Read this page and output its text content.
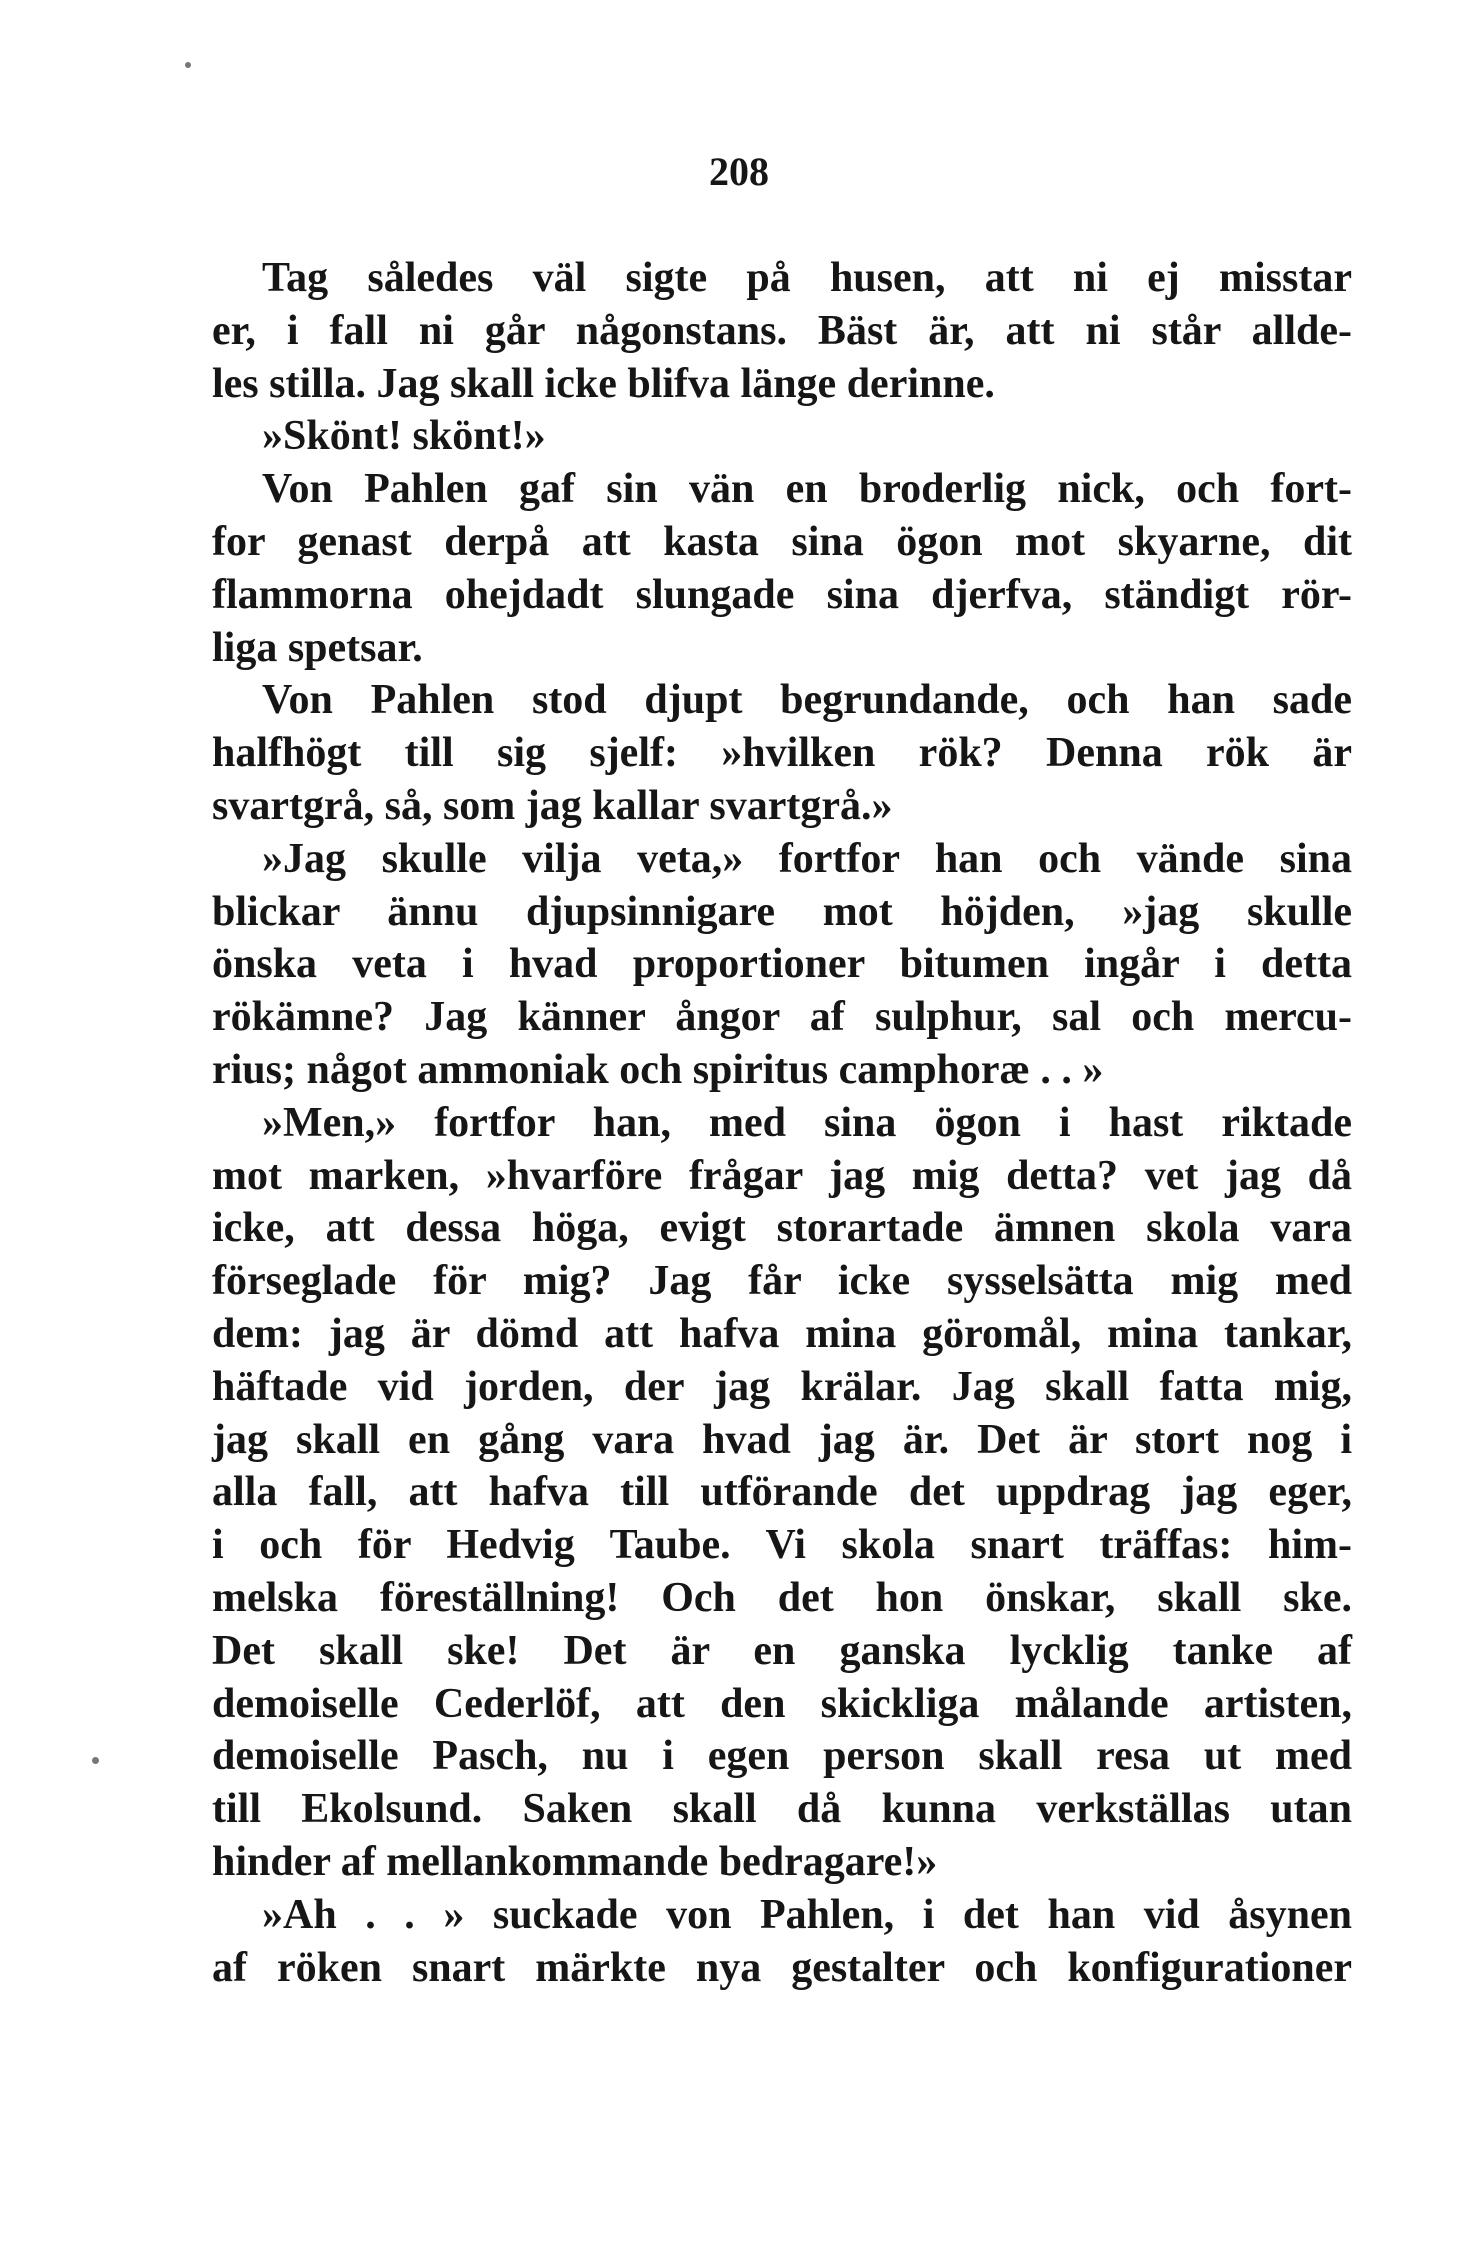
208
Tag således väl sigte på husen, att ni ej misstar
er, i fall ni går någonstans. Bäst är, att ni står allde-
les stilla. Jag skall icke blifva länge derinne.
»Skönt! skönt!»
Von Pahlen gaf sin vän en broderlig nick, och fort-
for genast derpå att kasta sina ögon mot skyarne, dit
flammorna ohejdadt slungade sina djerfva, ständigt rör-
liga spetsar.
Von Pahlen stod djupt begrundande, och han sade
halfhögt till sig sjelf: »hvilken rök? Denna rök är
svartgrå, så, som jag kallar svartgrå.»
»Jag skulle vilja veta,» fortfor han och vände sina
blickar ännu djupsinnigare mot höjden, »jag skulle
önska veta i hvad proportioner bitumen ingår i detta
rökämne? Jag känner ångor af sulphur, sal och mercu-
rius; något ammoniak och spiritus camphoræ . . »
»Men,» fortfor han, med sina ögon i hast riktade
mot marken, »hvarföre frågar jag mig detta? vet jag då
icke, att dessa höga, evigt storartade ämnen skola vara
förseglade för mig? Jag får icke sysselsätta mig med
dem: jag är dömd att hafva mina göromål, mina tankar,
häftade vid jorden, der jag krälar. Jag skall fatta mig,
jag skall en gång vara hvad jag är. Det är stort nog i
alla fall, att hafva till utförande det uppdrag jag eger,
i och för Hedvig Taube. Vi skola snart träffas: him-
melska föreställning! Och det hon önskar, skall ske.
Det skall ske! Det är en ganska lycklig tanke af
demoiselle Cederlöf, att den skickliga målande artisten,
demoiselle Pasch, nu i egen person skall resa ut med
till Ekolsund. Saken skall då kunna verkställas utan
hinder af mellankommande bedragare!»
»Ah . . » suckade von Pahlen, i det han vid åsynen
af röken snart märkte nya gestalter och konfigurationer
